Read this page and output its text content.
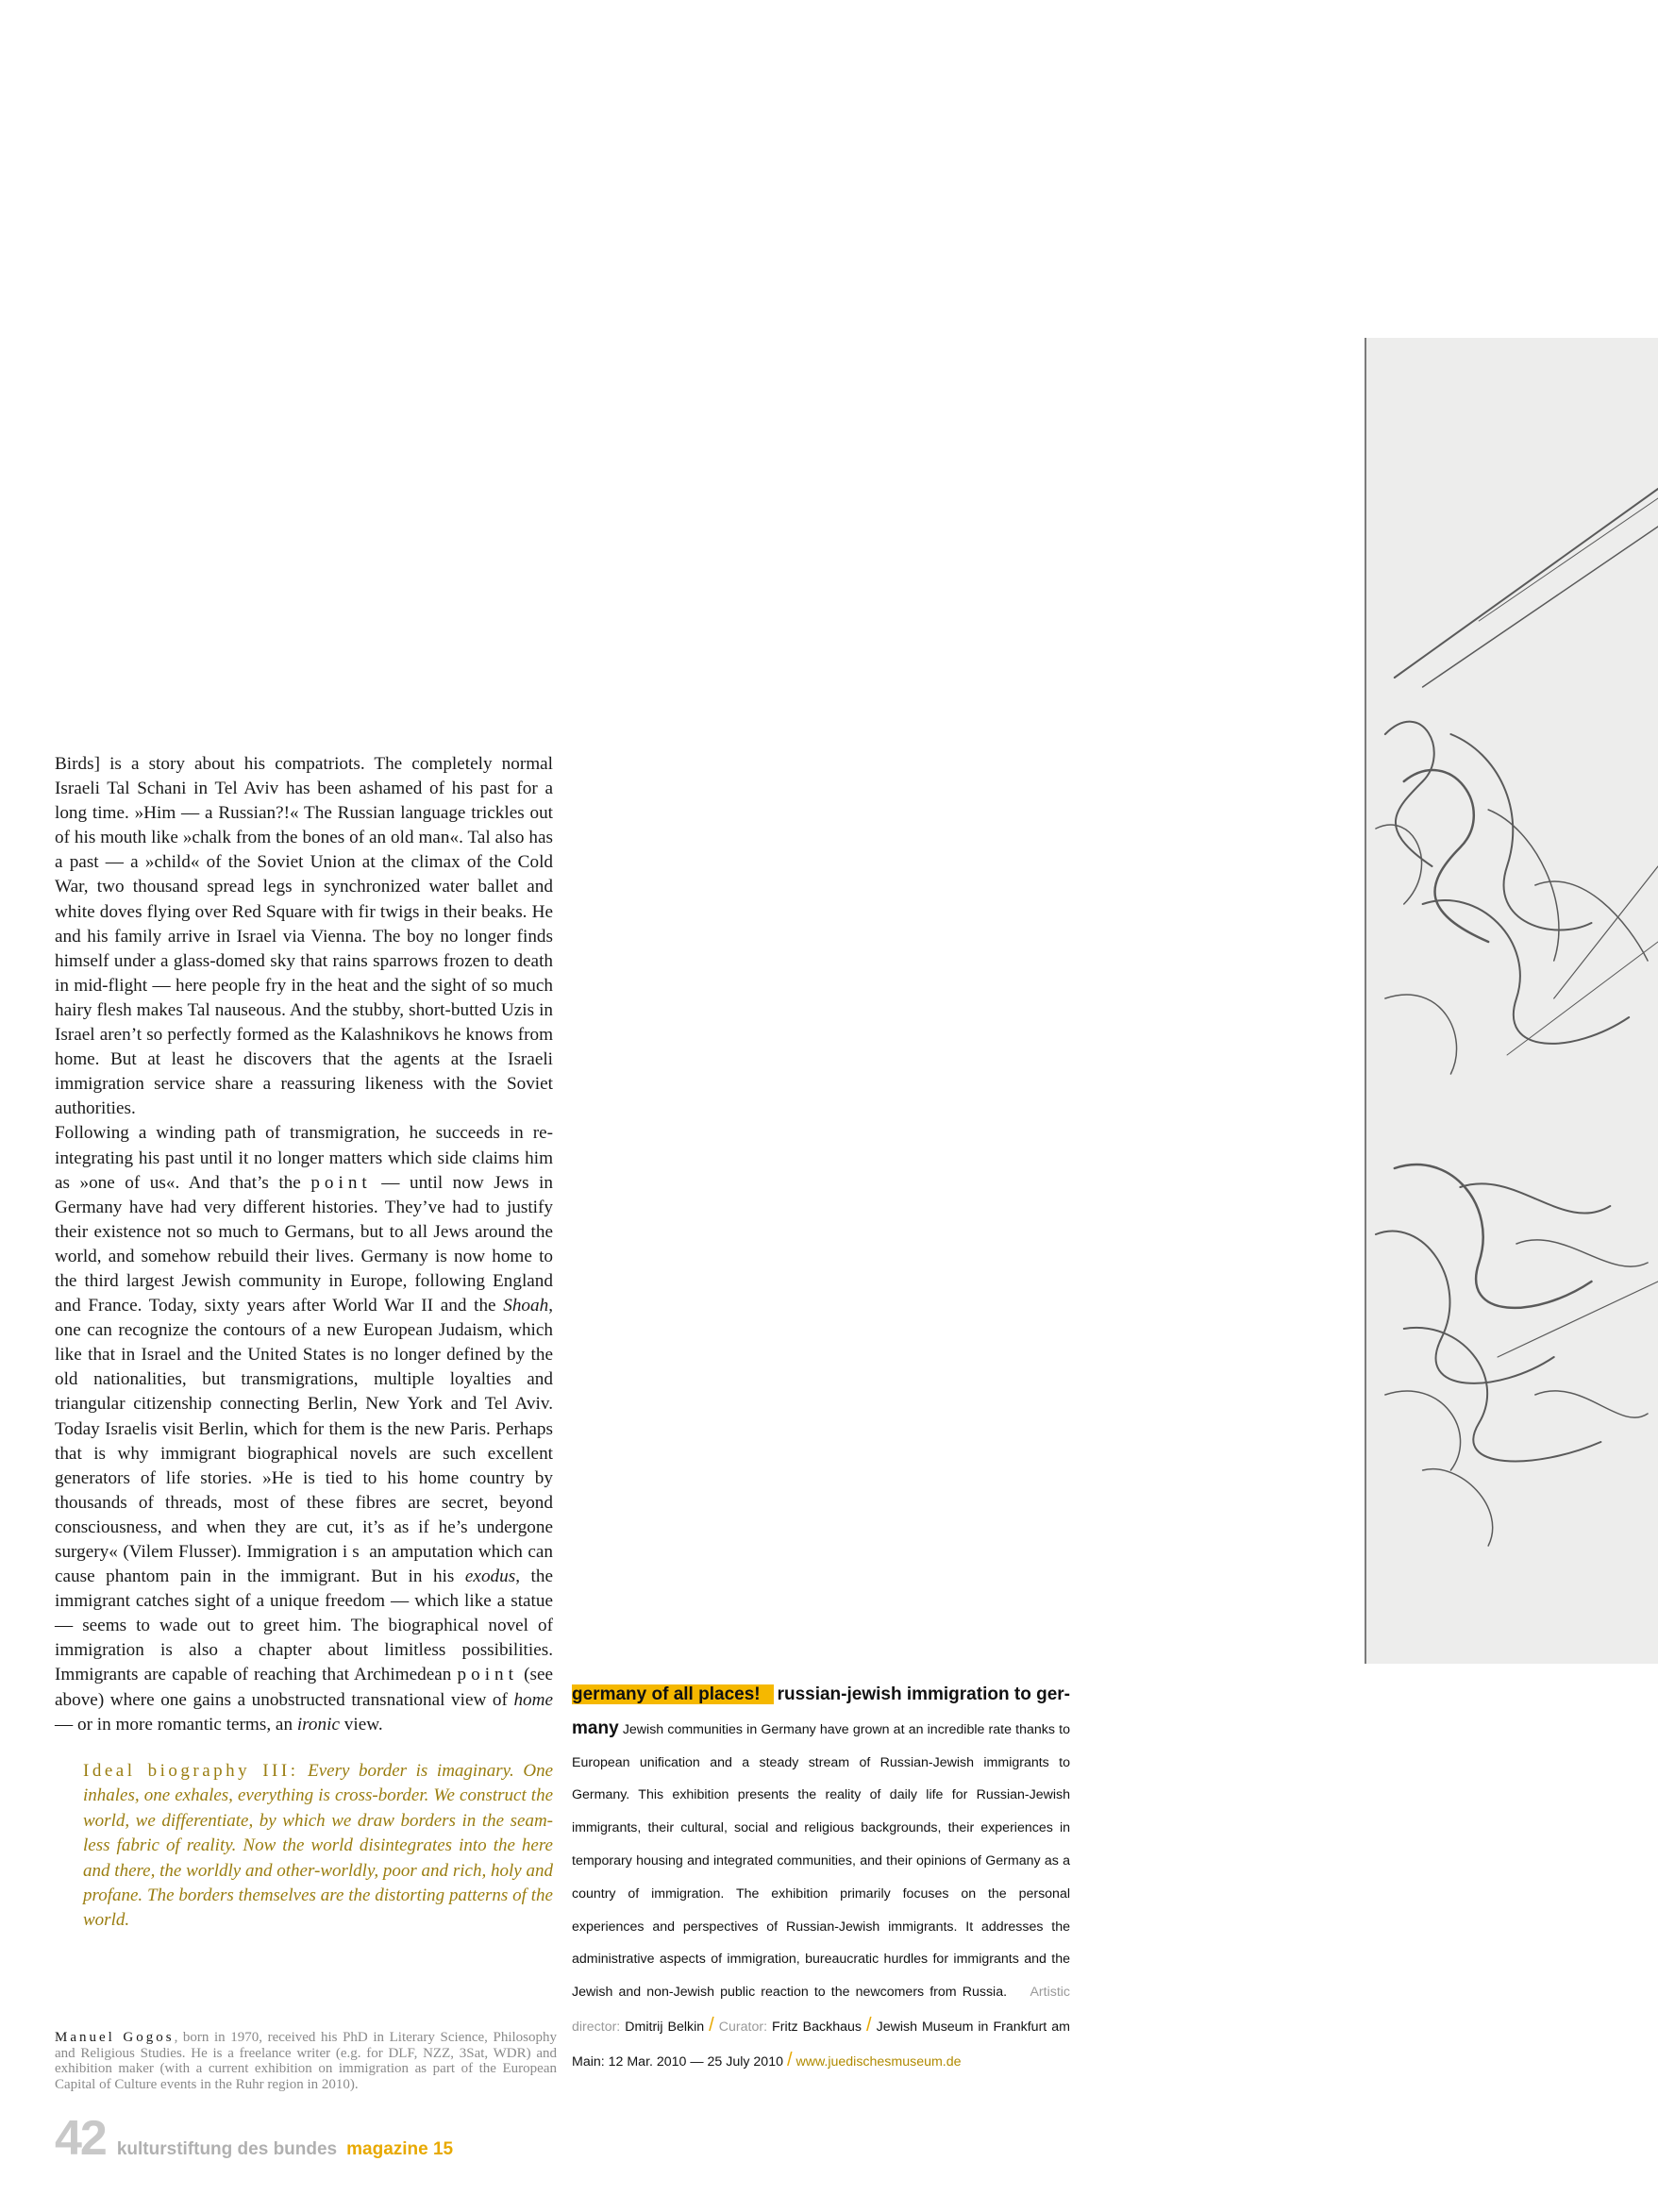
Birds] is a story about his compatriots. The completely normal Israeli Tal Schani in Tel Aviv has been ashamed of his past for a long time. »Him — a Russian?!« The Russian language trickles out of his mouth like »chalk from the bones of an old man«. Tal also has a past — a »child« of the Soviet Union at the climax of the Cold War, two thousand spread legs in synchronized water ballet and white doves flying over Red Square with fir twigs in their beaks. He and his family arrive in Israel via Vienna. The boy no longer finds himself under a glass-domed sky that rains sparrows frozen to death in mid-flight — here people fry in the heat and the sight of so much hairy flesh makes Tal nauseous. And the stubby, short-butted Uzis in Israel aren’t so perfectly formed as the Kalashnikovs he knows from home. But at least he discovers that the agents at the Israeli immigration service share a reassuring likeness with the Soviet authorities.

Following a winding path of transmigration, he succeeds in reintegrating his past until it no longer matters which side claims him as »one of us«. And that’s the point — until now Jews in Germany have had very different histories. They’ve had to justify their existence not so much to Germans, but to all Jews around the world, and somehow rebuild their lives. Germany is now home to the third largest Jewish community in Europe, following England and France. Today, sixty years after World War II and the Shoah, one can recognize the contours of a new European Judaism, which like that in Israel and the United States is no longer defined by the old nationalities, but transmigrations, multiple loyalties and triangular citizenship connecting Berlin, New York and Tel Aviv. Today Israelis visit Berlin, which for them is the new Paris. Perhaps that is why immigrant biographical novels are such excellent generators of life stories. »He is tied to his home country by thousands of threads, most of these fibres are secret, beyond consciousness, and when they are cut, it’s as if he’s undergone surgery« (Vilem Flusser). Immigration is an amputation which can cause phantom pain in the immigrant. But in his exodus, the immigrant catches sight of a unique freedom — which like a statue — seems to wade out to greet him. The biographical novel of immigration is also a chapter about limitless possibilities. Immigrants are capable of reaching that Archimedean point (see above) where one gains a unobstructed transnational view of home — or in more romantic terms, an ironic view.

Ideal biography III: Every border is imaginary. One inhales, one exhales, everything is cross-border. We construct the world, we differentiate, by which we draw borders in the seamless fabric of reality. Now the world disintegrates into the here and there, the worldly and other-worldly, poor and rich, holy and profane. The borders themselves are the distorting patterns of the world.
Manuel Gogos, born in 1970, received his PhD in Literary Science, Philosophy and Religious Studies. He is a freelance writer (e.g. for DLF, NZZ, 3Sat, WDR) and exhibition maker (with a current exhibition on immigration as part of the European Capital of Culture events in the Ruhr region in 2010).
germany of all places! russian-jewish immigration to germany Jewish communities in Germany have grown at an incredible rate thanks to European unification and a steady stream of Russian-Jewish immigrants to Germany. This exhibition presents the reality of daily life for Russian-Jewish immigrants, their cultural, social and religious backgrounds, their experiences in temporary housing and integrated communities, and their opinions of Germany as a country of immigration. The exhibition primarily focuses on the personal experiences and perspectives of Russian-Jewish immigrants. It addresses the administrative aspects of immigration, bureaucratic hurdles for immigrants and the Jewish and non-Jewish public reaction to the newcomers from Russia. Artistic director: Dmitrij Belkin / Curator: Fritz Backhaus / Jewish Museum in Frankfurt am Main: 12 Mar. 2010 — 25 July 2010 / www.juedischesmuseum.de
42 kulturstiftung des bundes magazine 15
